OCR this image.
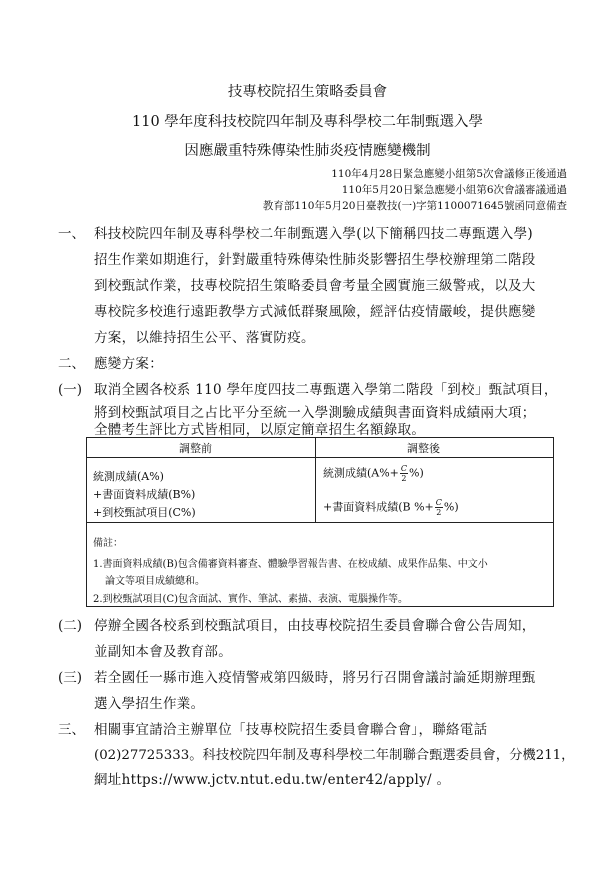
技專校院招生策略委員會
110 學年度科技校院四年制及專科學校二年制甄選入學
因應嚴重特殊傳染性肺炎疫情應變機制
110年4月28日緊急應變小組第5次會議修正後通過
110年5月20日緊急應變小組第6次會議審議通過
教育部110年5月20日臺教技(一)字第1100071645號函同意備查
一、 科技校院四年制及專科學校二年制甄選入學(以下簡稱四技二專甄選入學)
招生作業如期進行，針對嚴重特殊傳染性肺炎影響招生學校辦理第二階段
到校甄試作業，技專校院招生策略委員會考量全國實施三級警戒，以及大
專校院多校進行遠距教學方式減低群聚風險，經評估疫情嚴峻，提供應變
方案，以維持招生公平、落實防疫。
二、 應變方案：
(一) 取消全國各校系 110 學年度四技二專甄選入學第二階段「到校」甄試項目，
將到校甄試項目之占比平分至統一入學測驗成績與書面資料成績兩大項；
全體考生評比方式皆相同，以原定簡章招生名額錄取。
調整前	調整後
統測成績(A%)
+書面資料成績(B%)
+到校甄試項目(C%)
統測成績($A\%+ \frac{C}{2}$ %)
+書面資料成績(B %+ $\frac{C}{2}$ %)
備註：
1.書面資料成績(B)包含備審資料審查、體驗學習報告書、在校成績、成果作品集、中文小
論文等項目成績總和。
2.到校甄試項目(C)包含面試、實作、筆試、素描、表演、電腦操作等。
(二) 停辦全國各校系到校甄試項目，由技專校院招生委員會聯合會公告周知，
並副知本會及教育部。
(三) 若全國任一縣市進入疫情警戒第四級時，將另行召開會議討論延期辦理甄
選入學招生作業。
三、 相關事宜請洽主辦單位「技專校院招生委員會聯合會」，聯絡電話
(02)27725333。科技校院四年制及專科學校二年制聯合甄選委員會，分機211，
網址https://www.jctv.ntut.edu.tw/enter42/apply/ 。
